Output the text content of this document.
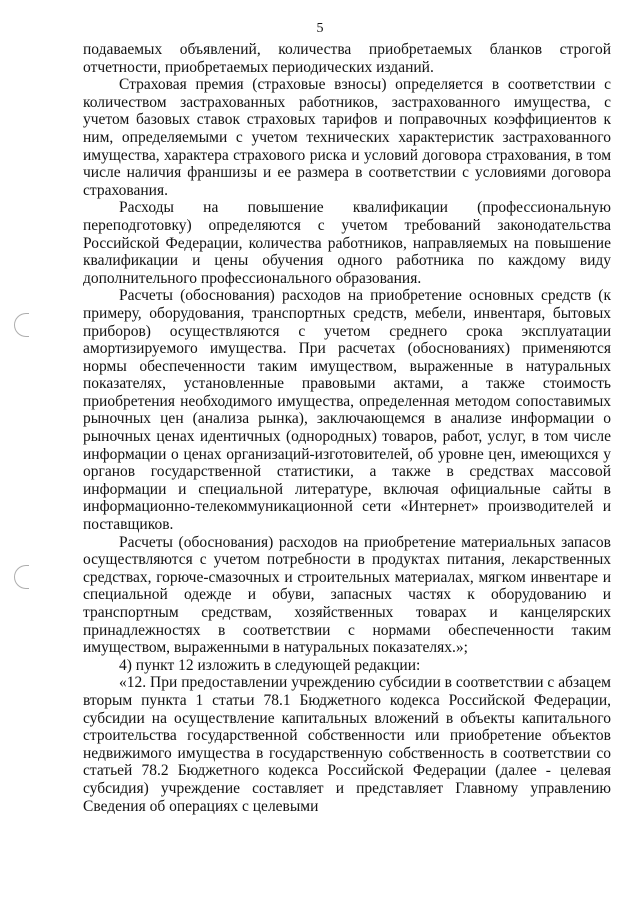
5

подаваемых объявлений, количества приобретаемых бланков строгой отчетности, приобретаемых периодических изданий.

Страховая премия (страховые взносы) определяется в соответствии с количеством застрахованных работников, застрахованного имущества, с учетом базовых ставок страховых тарифов и поправочных коэффициентов к ним, определяемыми с учетом технических характеристик застрахованного имущества, характера страхового риска и условий договора страхования, в том числе наличия франшизы и ее размера в соответствии с условиями договора страхования.

Расходы на повышение квалификации (профессиональную переподготовку) определяются с учетом требований законодательства Российской Федерации, количества работников, направляемых на повышение квалификации и цены обучения одного работника по каждому виду дополнительного профессионального образования.

Расчеты (обоснования) расходов на приобретение основных средств (к примеру, оборудования, транспортных средств, мебели, инвентаря, бытовых приборов) осуществляются с учетом среднего срока эксплуатации амортизируемого имущества. При расчетах (обоснованиях) применяются нормы обеспеченности таким имуществом, выраженные в натуральных показателях, установленные правовыми актами, а также стоимость приобретения необходимого имущества, определенная методом сопоставимых рыночных цен (анализа рынка), заключающемся в анализе информации о рыночных ценах идентичных (однородных) товаров, работ, услуг, в том числе информации о ценах организаций-изготовителей, об уровне цен, имеющихся у органов государственной статистики, а также в средствах массовой информации и специальной литературе, включая официальные сайты в информационно-телекоммуникационной сети «Интернет» производителей и поставщиков.

Расчеты (обоснования) расходов на приобретение материальных запасов осуществляются с учетом потребности в продуктах питания, лекарственных средствах, горюче-смазочных и строительных материалах, мягком инвентаре и специальной одежде и обуви, запасных частях к оборудованию и транспортным средствам, хозяйственных товарах и канцелярских принадлежностях в соответствии с нормами обеспеченности таким имуществом, выраженными в натуральных показателях.»;

4) пункт 12 изложить в следующей редакции:

«12. При предоставлении учреждению субсидии в соответствии с абзацем вторым пункта 1 статьи 78.1 Бюджетного кодекса Российской Федерации, субсидии на осуществление капитальных вложений в объекты капитального строительства государственной собственности или приобретение объектов недвижимого имущества в государственную собственность в соответствии со статьей 78.2 Бюджетного кодекса Российской Федерации (далее - целевая субсидия) учреждение составляет и представляет Главному управлению Сведения об операциях с целевыми
